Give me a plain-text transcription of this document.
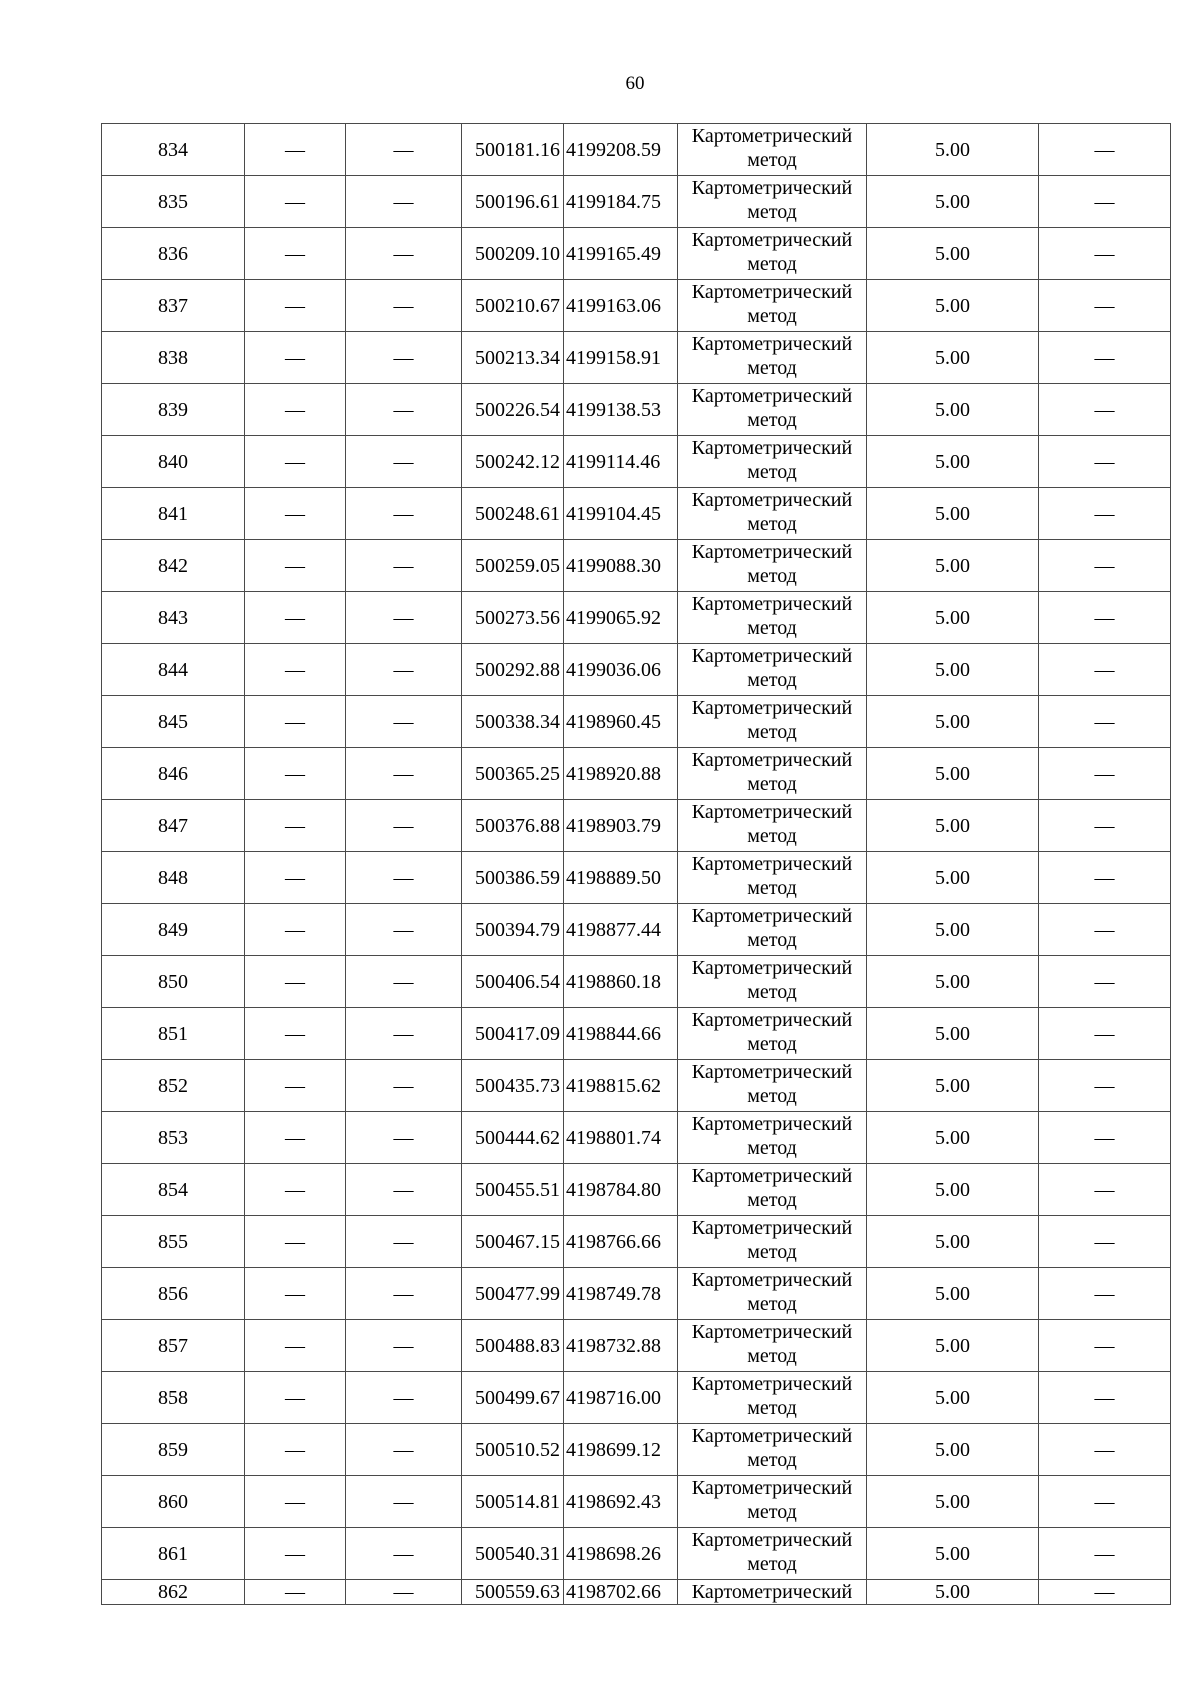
60
834	—	—	500181.16	4199208.59	Картометрический
метод	5.00	—
835	—	—	500196.61	4199184.75	Картометрический
метод	5.00	—
836	—	—	500209.10	4199165.49	Картометрический
метод	5.00	—
837	—	—	500210.67	4199163.06	Картометрический
метод	5.00	—
838	—	—	500213.34	4199158.91	Картометрический
метод	5.00	—
839	—	—	500226.54	4199138.53	Картометрический
метод	5.00	—
840	—	—	500242.12	4199114.46	Картометрический
метод	5.00	—
841	—	—	500248.61	4199104.45	Картометрический
метод	5.00	—
842	—	—	500259.05	4199088.30	Картометрический
метод	5.00	—
843	—	—	500273.56	4199065.92	Картометрический
метод	5.00	—
844	—	—	500292.88	4199036.06	Картометрический
метод	5.00	—
845	—	—	500338.34	4198960.45	Картометрический
метод	5.00	—
846	—	—	500365.25	4198920.88	Картометрический
метод	5.00	—
847	—	—	500376.88	4198903.79	Картометрический
метод	5.00	—
848	—	—	500386.59	4198889.50	Картометрический
метод	5.00	—
849	—	—	500394.79	4198877.44	Картометрический
метод	5.00	—
850	—	—	500406.54	4198860.18	Картометрический
метод	5.00	—
851	—	—	500417.09	4198844.66	Картометрический
метод	5.00	—
852	—	—	500435.73	4198815.62	Картометрический
метод	5.00	—
853	—	—	500444.62	4198801.74	Картометрический
метод	5.00	—
854	—	—	500455.51	4198784.80	Картометрический
метод	5.00	—
855	—	—	500467.15	4198766.66	Картометрический
метод	5.00	—
856	—	—	500477.99	4198749.78	Картометрический
метод	5.00	—
857	—	—	500488.83	4198732.88	Картометрический
метод	5.00	—
858	—	—	500499.67	4198716.00	Картометрический
метод	5.00	—
859	—	—	500510.52	4198699.12	Картометрический
метод	5.00	—
860	—	—	500514.81	4198692.43	Картометрический
метод	5.00	—
861	—	—	500540.31	4198698.26	Картометрический
метод	5.00	—
862	—	—	500559.63	4198702.66	Картометрический	5.00	—
